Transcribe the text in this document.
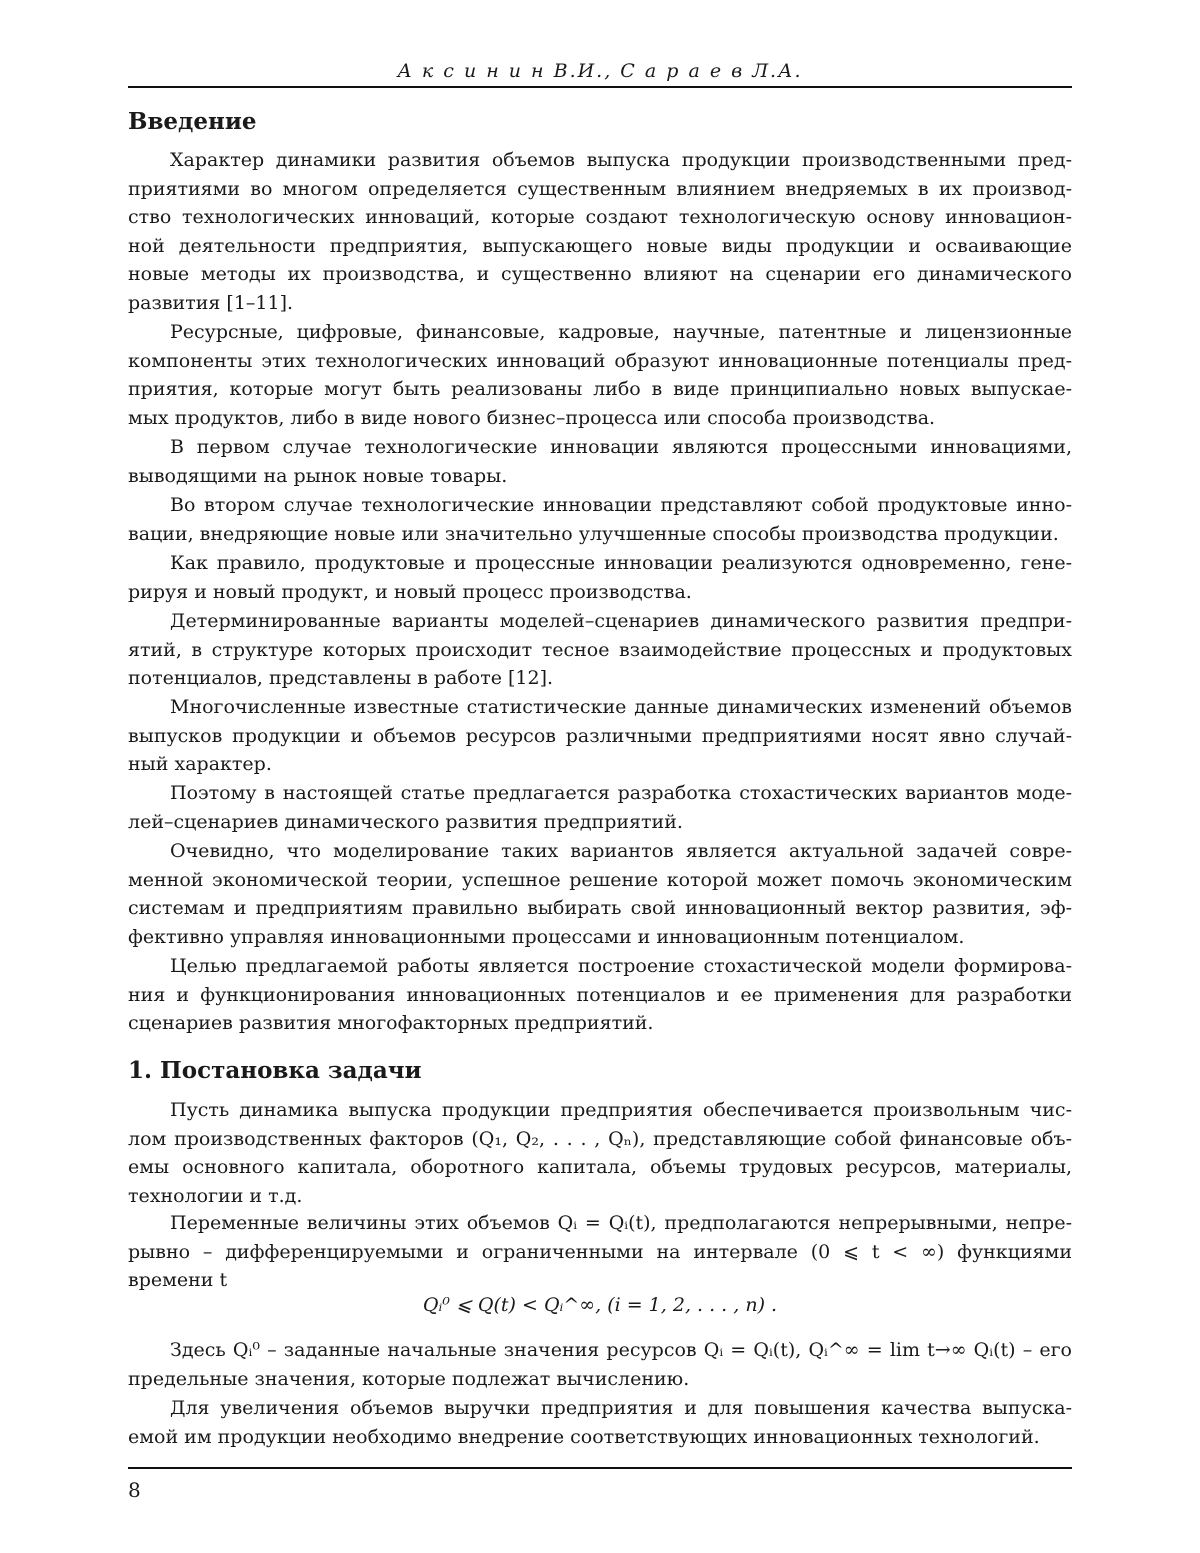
А к с и н и н В.И., С а р а е в Л.А.
Введение
Характер динамики развития объемов выпуска продукции производственными пред-
приятиями во многом определяется существенным влиянием внедряемых в их производ-
ство технологических инноваций, которые создают технологическую основу инновацион-
ной деятельности предприятия, выпускающего новые виды продукции и осваивающие
новые методы их производства, и существенно влияют на сценарии его динамического
развития [1–11].
Ресурсные, цифровые, финансовые, кадровые, научные, патентные и лицензионные
компоненты этих технологических инноваций образуют инновационные потенциалы пред-
приятия, которые могут быть реализованы либо в виде принципиально новых выпускае-
мых продуктов, либо в виде нового бизнес–процесса или способа производства.
В первом случае технологические инновации являются процессными инновациями,
выводящими на рынок новые товары.
Во втором случае технологические инновации представляют собой продуктовые инно-
вации, внедряющие новые или значительно улучшенные способы производства продукции.
Как правило, продуктовые и процессные инновации реализуются одновременно, гене-
рируя и новый продукт, и новый процесс производства.
Детерминированные варианты моделей–сценариев динамического развития предпри-
ятий, в структуре которых происходит тесное взаимодействие процессных и продуктовых
потенциалов, представлены в работе [12].
Многочисленные известные статистические данные динамических изменений объемов
выпусков продукции и объемов ресурсов различными предприятиями носят явно случай-
ный характер.
Поэтому в настоящей статье предлагается разработка стохастических вариантов моде-
лей–сценариев динамического развития предприятий.
Очевидно, что моделирование таких вариантов является актуальной задачей совре-
менной экономической теории, успешное решение которой может помочь экономическим
системам и предприятиям правильно выбирать свой инновационный вектор развития, эф-
фективно управляя инновационными процессами и инновационным потенциалом.
Целью предлагаемой работы является построение стохастической модели формирова-
ния и функционирования инновационных потенциалов и ее применения для разработки
сценариев развития многофакторных предприятий.
1. Постановка задачи
Пусть динамика выпуска продукции предприятия обеспечивается произвольным чис-
лом производственных факторов (Q₁, Q₂, . . . , Qₙ), представляющие собой финансовые объ-
емы основного капитала, оборотного капитала, объемы трудовых ресурсов, материалы,
технологии и т.д.
Переменные величины этих объемов Qᵢ = Qᵢ(t), предполагаются непрерывными, непре-
рывно – дифференцируемыми и ограниченными на интервале (0 ⩽ t < ∞) функциями
времени t
Qᵢ⁰ ⩽ Q(t) < Qᵢ^∞, (i = 1, 2, . . . , n) .
Здесь Qᵢ⁰ – заданные начальные значения ресурсов Qᵢ = Qᵢ(t), Qᵢ^∞ = lim t→∞ Qᵢ(t) – его
предельные значения, которые подлежат вычислению.
Для увеличения объемов выручки предприятия и для повышения качества выпуска-
емой им продукции необходимо внедрение соответствующих инновационных технологий.
8
